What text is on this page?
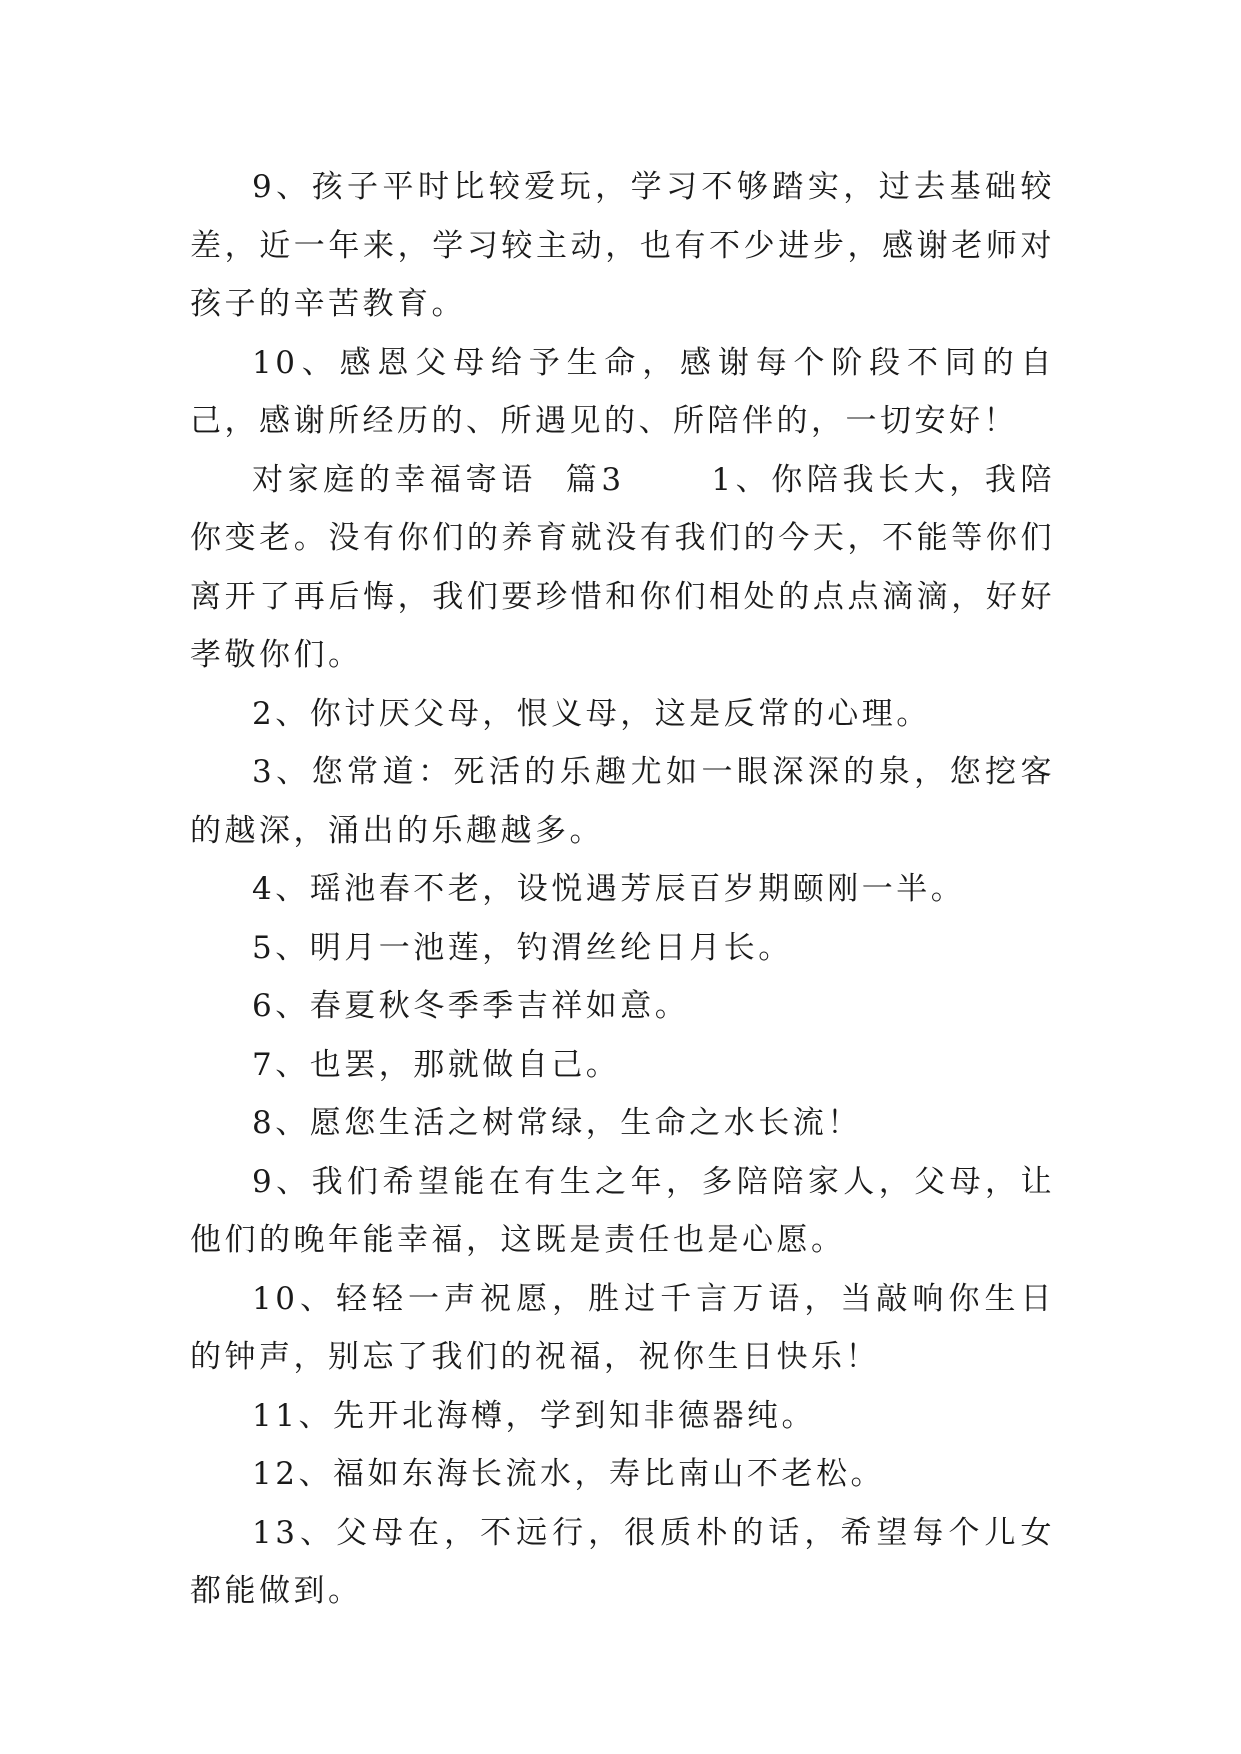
9、孩子平时比较爱玩，学习不够踏实，过去基础较差，近一年来，学习较主动，也有不少进步，感谢老师对孩子的辛苦教育。

10、感恩父母给予生命，感谢每个阶段不同的自己，感谢所经历的、所遇见的、所陪伴的，一切安好！

对家庭的幸福寄语  篇3      1、你陪我长大，我陪你变老。没有你们的养育就没有我们的今天，不能等你们离开了再后悔，我们要珍惜和你们相处的点点滴滴，好好孝敬你们。

2、你讨厌父母，恨义母，这是反常的心理。

3、您常道：死活的乐趣尤如一眼深深的泉，您挖客的越深，涌出的乐趣越多。

4、瑶池春不老，设悦遇芳辰百岁期颐刚一半。

5、明月一池莲，钓渭丝纶日月长。

6、春夏秋冬季季吉祥如意。

7、也罢，那就做自己。

8、愿您生活之树常绿，生命之水长流！

9、我们希望能在有生之年，多陪陪家人，父母，让他们的晚年能幸福，这既是责任也是心愿。

10、轻轻一声祝愿，胜过千言万语，当敲响你生日的钟声，别忘了我们的祝福，祝你生日快乐！

11、先开北海樽，学到知非德器纯。

12、福如东海长流水，寿比南山不老松。

13、父母在，不远行，很质朴的话，希望每个儿女都能做到。
